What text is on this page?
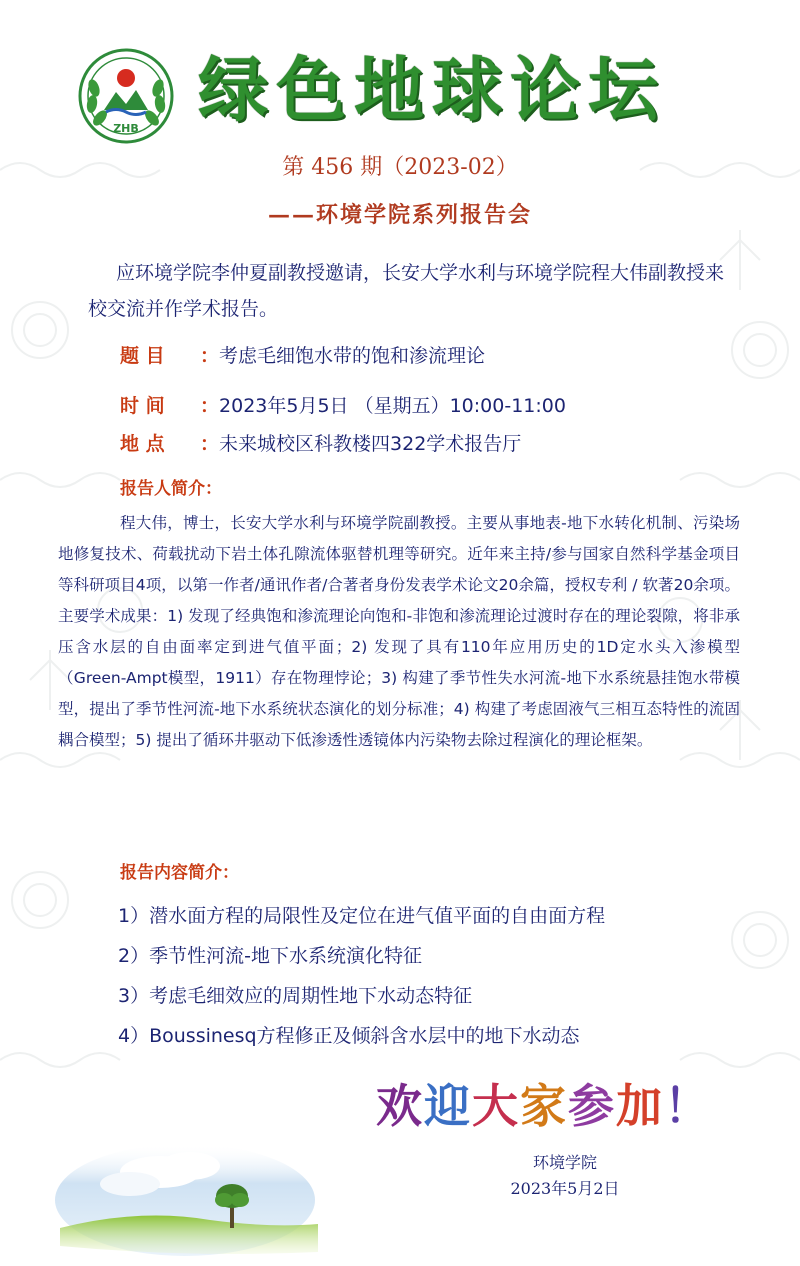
ZHB 绿色地球论坛
第 456 期（2023-02）
——环境学院系列报告会
应环境学院李仲夏副教授邀请，长安大学水利与环境学院程大伟副教授来校交流并作学术报告。
题 目 ：考虑毛细饱水带的饱和渗流理论
时 间 ：2023年5月5日 （星期五）10:00-11:00
地 点 ：未来城校区科教楼四322学术报告厅
报告人简介：
程大伟，博士，长安大学水利与环境学院副教授。主要从事地表-地下水转化机制、污染场地修复技术、荷载扰动下岩土体孔隙流体驱替机理等研究。近年来主持/参与国家自然科学基金项目等科研项目4项，以第一作者/通讯作者/合著者身份发表学术论文20余篇，授权专利 / 软著20余项。主要学术成果：1) 发现了经典饱和渗流理论向饱和-非饱和渗流理论过渡时存在的理论裂隙，将非承压含水层的自由面率定到进气值平面；2) 发现了具有110年应用历史的1D定水头入渗模型（Green-Ampt模型，1911）存在物理悖论；3) 构建了季节性失水河流-地下水系统悬挂饱水带模型，提出了季节性河流-地下水系统状态演化的划分标准；4) 构建了考虑固液气三相互态特性的流固耦合模型；5) 提出了循环井驱动下低渗透性透镜体内污染物去除过程演化的理论框架。
报告内容简介：
1）潜水面方程的局限性及定位在进气值平面的自由面方程
2）季节性河流-地下水系统演化特征
3）考虑毛细效应的周期性地下水动态特征
4）Boussinesq方程修正及倾斜含水层中的地下水动态
欢迎大家参加！
环境学院
2023年5月2日
